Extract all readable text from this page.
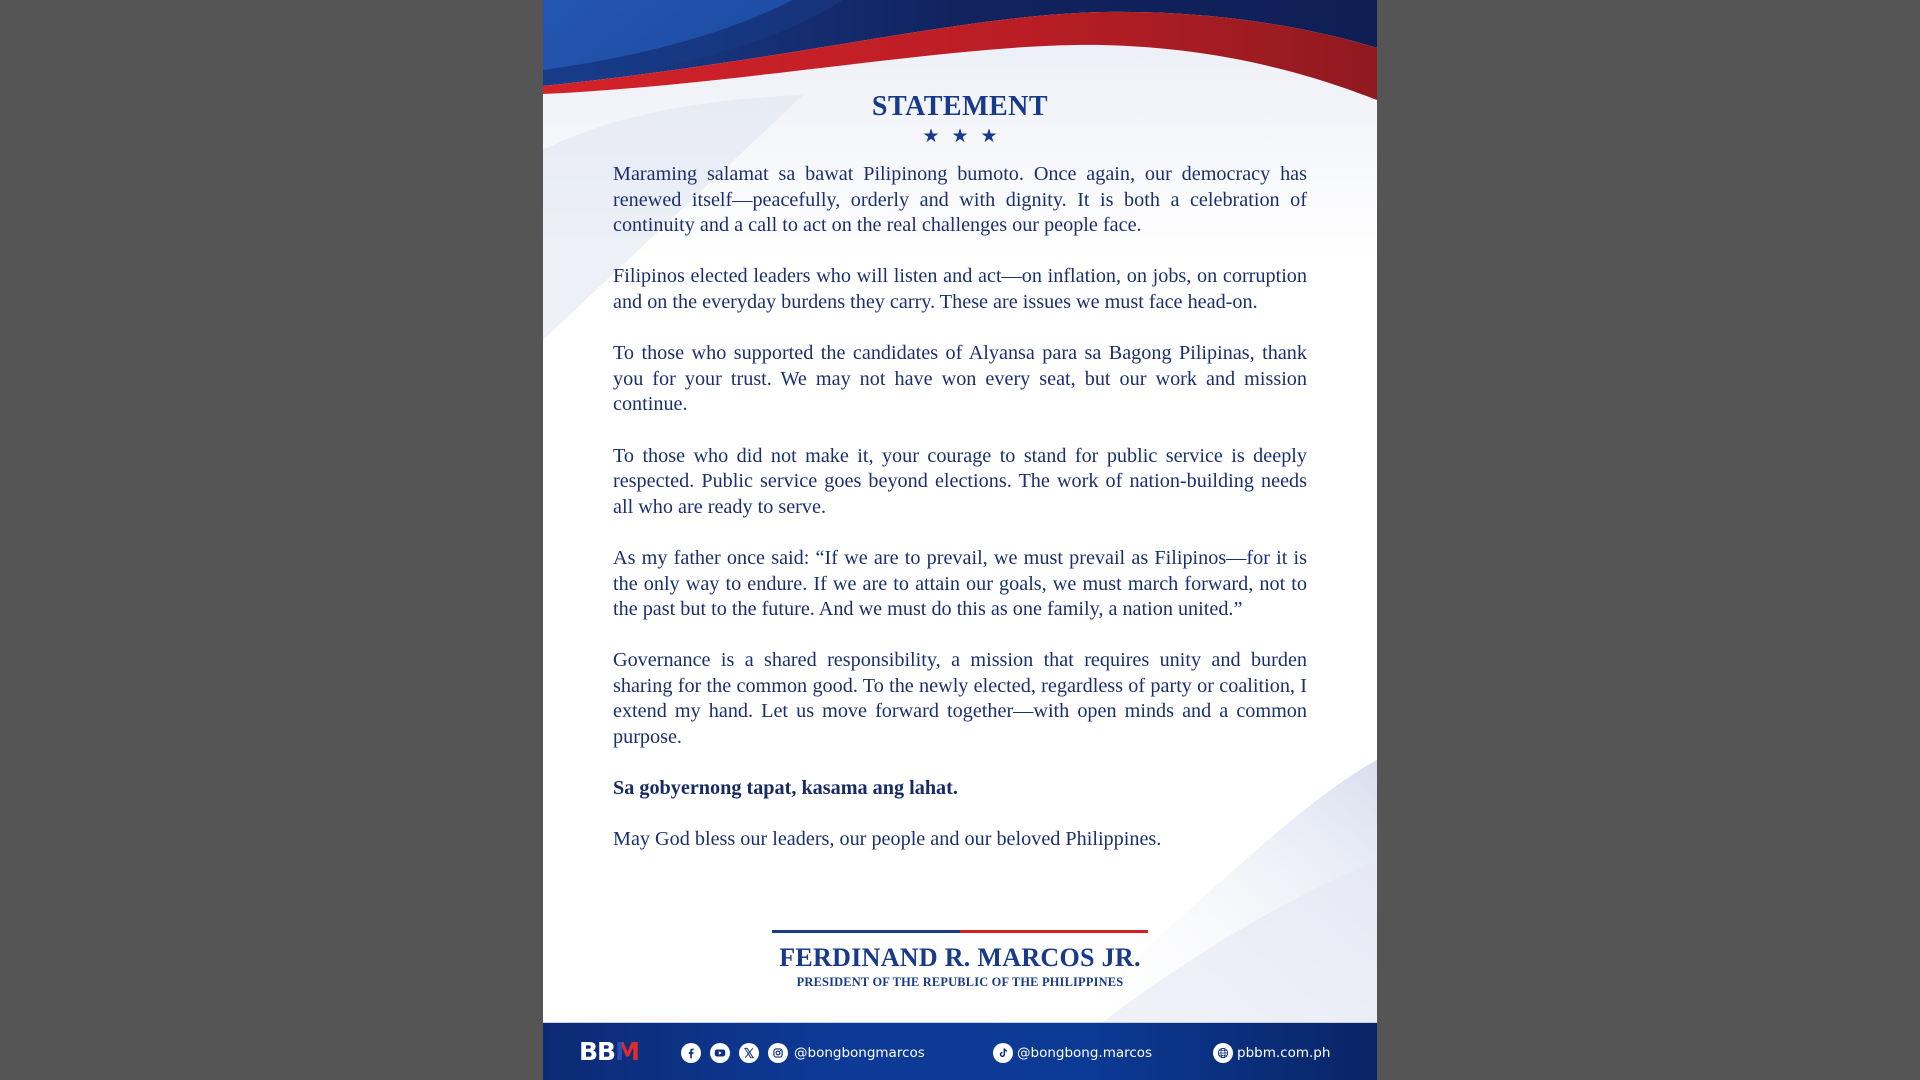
STATEMENT
★★★

Maraming salamat sa bawat Pilipinong bumoto. Once again, our democracy has renewed itself—peacefully, orderly and with dignity. It is both a celebration of continuity and a call to act on the real challenges our people face.

Filipinos elected leaders who will listen and act—on inflation, on jobs, on corruption and on the everyday burdens they carry. These are issues we must face head-on.

To those who supported the candidates of Alyansa para sa Bagong Pilipinas, thank you for your trust. We may not have won every seat, but our work and mission continue.

To those who did not make it, your courage to stand for public service is deeply respected. Public service goes beyond elections. The work of nation-building needs all who are ready to serve.

As my father once said: “If we are to prevail, we must prevail as Filipinos—for it is the only way to endure. If we are to attain our goals, we must march forward, not to the past but to the future. And we must do this as one family, a nation united.”

Governance is a shared responsibility, a mission that requires unity and burden sharing for the common good. To the newly elected, regardless of party or coalition, I extend my hand. Let us move forward together—with open minds and a common purpose.

Sa gobyernong tapat, kasama ang lahat.

May God bless our leaders, our people and our beloved Philippines.

FERDINAND R. MARCOS JR.
PRESIDENT OF THE REPUBLIC OF THE PHILIPPINES
BBM	@bongbongmarcos	@bongbong.marcos	pbbm.com.ph
